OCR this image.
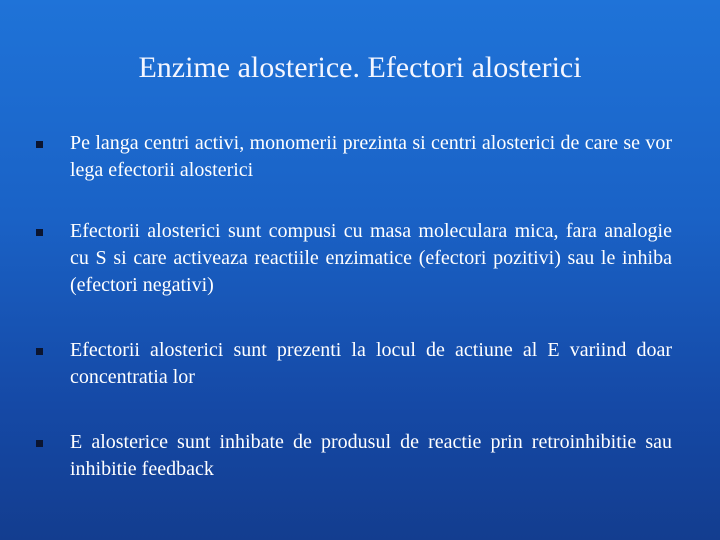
Enzime alosterice. Efectori alosterici
Pe langa centri activi, monomerii prezinta si centri alosterici de care se vor lega efectorii alosterici
Efectorii alosterici sunt compusi cu masa moleculara mica, fara analogie cu S si care activeaza reactiile enzimatice (efectori pozitivi) sau le inhiba (efectori negativi)
Efectorii alosterici sunt prezenti la locul de actiune al E variind doar concentratia lor
E alosterice sunt inhibate de produsul de reactie prin retroinhibitie sau inhibitie feedback
